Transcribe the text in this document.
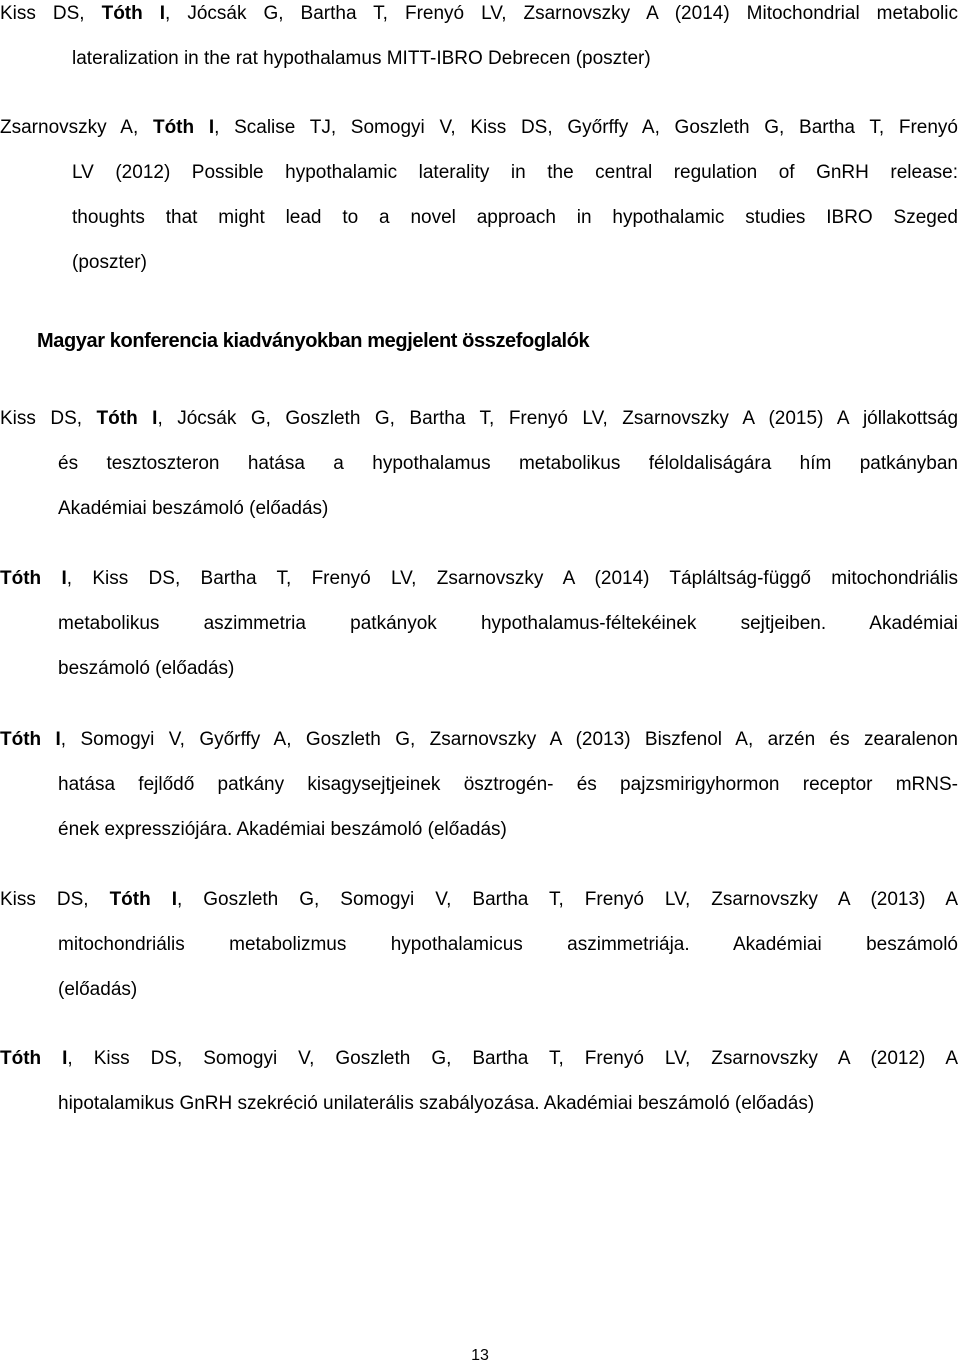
Kiss DS, Tóth I, Jócsák G, Bartha T, Frenyó LV, Zsarnovszky A (2014) Mitochondrial metabolic
lateralization in the rat hypothalamus MITT-IBRO Debrecen (poszter)
Zsarnovszky A, Tóth I, Scalise TJ, Somogyi V, Kiss DS, Győrffy A, Goszleth G, Bartha T, Frenyó
LV (2012) Possible hypothalamic laterality in the central regulation of GnRH release:
thoughts that might lead to a novel approach in hypothalamic studies IBRO Szeged
(poszter)
Magyar konferencia kiadványokban megjelent összefoglalók
Kiss DS, Tóth I, Jócsák G, Goszleth G, Bartha T, Frenyó LV, Zsarnovszky A (2015) A jóllakottság
és tesztoszteron hatása a hypothalamus metabolikus féloldaliságára hím patkányban
Akadémiai beszámoló (előadás)
Tóth I, Kiss DS, Bartha T, Frenyó LV, Zsarnovszky A (2014) Tápláltság-függő mitochondriális
metabolikus aszimmetria patkányok hypothalamus-féltekéinek sejtjeiben. Akadémiai
beszámoló (előadás)
Tóth I, Somogyi V, Győrffy A, Goszleth G, Zsarnovszky A (2013) Biszfenol A, arzén és zearalenon
hatása fejlődő patkány kisagysejtjeinek ösztrogén- és pajzsmirigyhormon receptor mRNS-
ének expressziójára. Akadémiai beszámoló (előadás)
Kiss DS, Tóth I, Goszleth G, Somogyi V, Bartha T, Frenyó LV, Zsarnovszky A (2013) A
mitochondriális metabolizmus hypothalamicus aszimmetriája. Akadémiai beszámoló
(előadás)
Tóth I, Kiss DS, Somogyi V, Goszleth G, Bartha T, Frenyó LV, Zsarnovszky A (2012) A
hipotalamikus GnRH szekréció unilaterális szabályozása. Akadémiai beszámoló (előadás)
13
